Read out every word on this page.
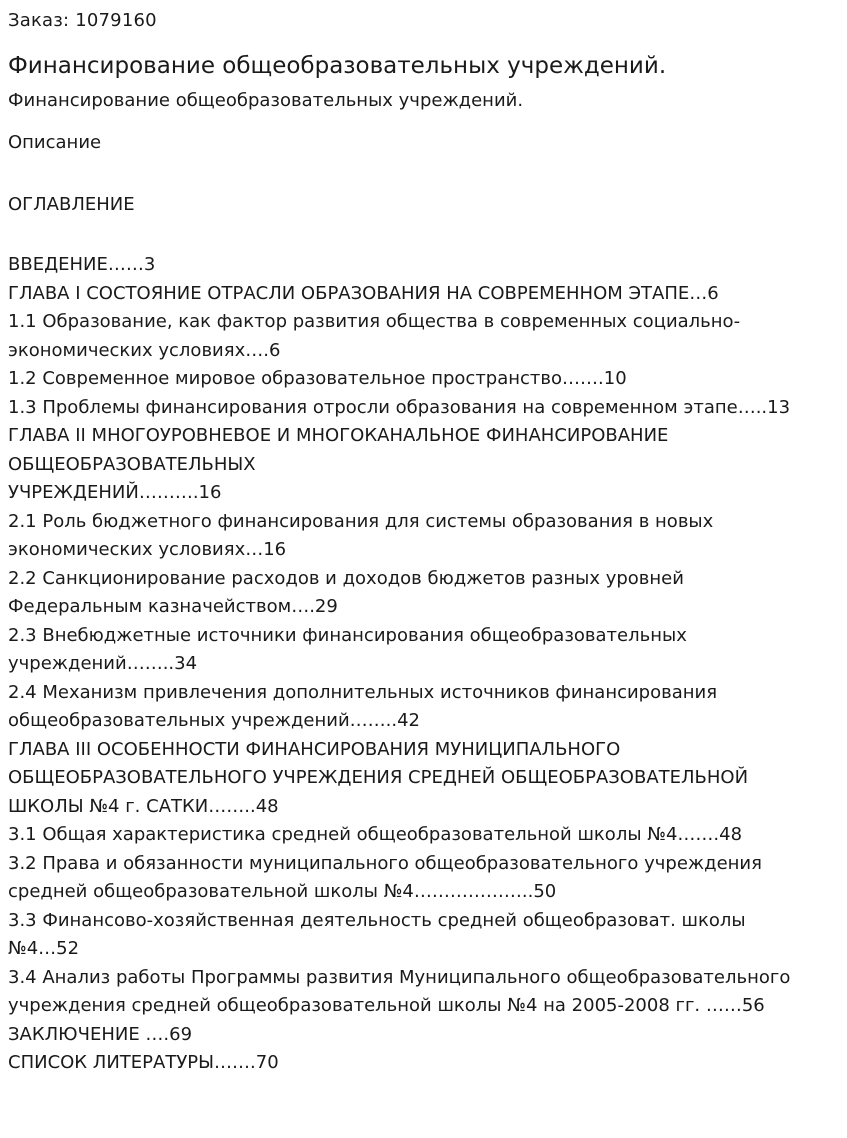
Заказ: 1079160

Финансирование общеобразовательных учреждений.

Финансирование общеобразовательных учреждений.

Описание

ОГЛАВЛЕНИЕ

ВВЕДЕНИЕ……3
ГЛАВА I СОСТОЯНИЕ ОТРАСЛИ ОБРАЗОВАНИЯ НА СОВРЕМЕННОМ ЭТАПЕ…6
1.1 Образование, как фактор развития общества в современных социально-
экономических условиях….6
1.2 Современное мировое образовательное пространство…….10
1.3 Проблемы финансирования отросли образования на современном этапе…..13
ГЛАВА II МНОГОУРОВНЕВОЕ И МНОГОКАНАЛЬНОЕ ФИНАНСИРОВАНИЕ
ОБЩЕОБРАЗОВАТЕЛЬНЫХ
УЧРЕЖДЕНИЙ……….16
2.1 Роль бюджетного финансирования для системы образования в новых
экономических условиях…16
2.2 Санкционирование расходов и доходов бюджетов разных уровней
Федеральным казначейством….29
2.3 Внебюджетные источники финансирования общеобразовательных
учреждений……..34
2.4 Механизм привлечения дополнительных источников финансирования
общеобразовательных учреждений……..42
ГЛАВА III ОСОБЕННОСТИ ФИНАНСИРОВАНИЯ МУНИЦИПАЛЬНОГО
ОБЩЕОБРАЗОВАТЕЛЬНОГО УЧРЕЖДЕНИЯ СРЕДНЕЙ ОБЩЕОБРАЗОВАТЕЛЬНОЙ
ШКОЛЫ №4 г. САТКИ……..48
3.1 Общая характеристика средней общеобразовательной школы №4…….48
3.2 Права и обязанности муниципального общеобразовательного учреждения
средней общеобразовательной школы №4………………..50
3.3 Финансово-хозяйственная деятельность средней общеобразоват. школы
№4…52
3.4 Анализ работы Программы развития Муниципального общеобразовательного
учреждения средней общеобразовательной школы №4 на 2005-2008 гг. ……56
ЗАКЛЮЧЕНИЕ ….69
СПИСОК ЛИТЕРАТУРЫ…….70
